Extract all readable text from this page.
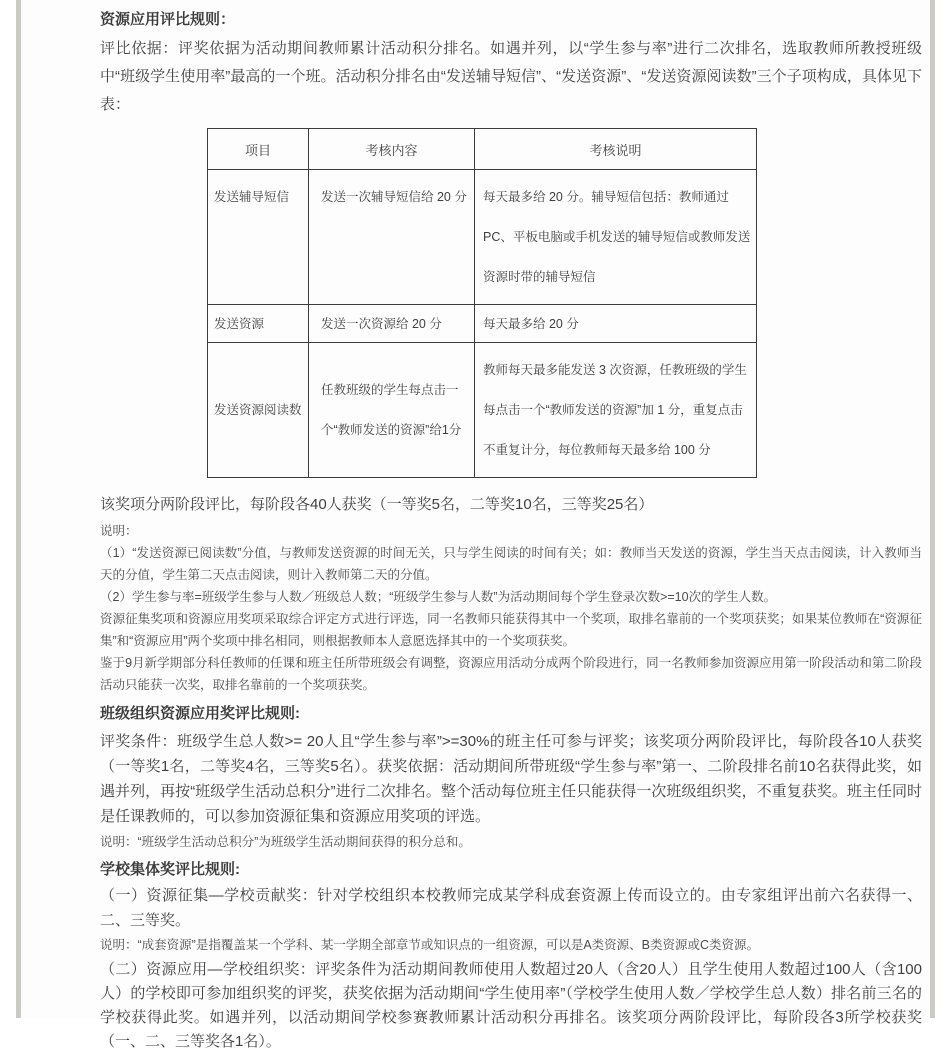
资源应用评比规则：

评比依据：评奖依据为活动期间教师累计活动积分排名。如遇并列，以“学生参与率”进行二次排名，选取教师所教授班级中“班级学生使用率”最高的一个班。活动积分排名由“发送辅导短信”、“发送资源”、“发送资源阅读数”三个子项构成，具体见下表：

项目	考核内容	考核说明
发送辅导短信	发送一次辅导短信给 20 分	每天最多给 20 分。辅导短信包括：教师通过 PC、平板电脑或手机发送的辅导短信或教师发送资源时带的辅导短信
发送资源	发送一次资源给 20 分	每天最多给 20 分
发送资源阅读数	任教班级的学生每点击一个“教师发送的资源”给1分	教师每天最多能发送 3 次资源，任教班级的学生每点击一个“教师发送的资源”加 1 分，重复点击不重复计分，每位教师每天最多给 100 分

该奖项分两阶段评比，每阶段各40人获奖（一等奖5名，二等奖10名，三等奖25名）

说明：

（1）“发送资源已阅读数”分值，与教师发送资源的时间无关，只与学生阅读的时间有关；如：教师当天发送的资源，学生当天点击阅读，计入教师当天的分值，学生第二天点击阅读，则计入教师第二天的分值。

（2）学生参与率=班级学生参与人数／班级总人数；“班级学生参与人数”为活动期间每个学生登录次数>=10次的学生人数。

资源征集奖项和资源应用奖项采取综合评定方式进行评选，同一名教师只能获得其中一个奖项，取排名靠前的一个奖项获奖；如果某位教师在“资源征集”和“资源应用”两个奖项中排名相同，则根据教师本人意愿选择其中的一个奖项获奖。

鉴于9月新学期部分科任教师的任课和班主任所带班级会有调整，资源应用活动分成两个阶段进行，同一名教师参加资源应用第一阶段活动和第二阶段活动只能获一次奖，取排名靠前的一个奖项获奖。

班级组织资源应用奖评比规则:

评奖条件：班级学生总人数>= 20人且“学生参与率”>=30%的班主任可参与评奖；该奖项分两阶段评比，每阶段各10人获奖（一等奖1名，二等奖4名，三等奖5名）。获奖依据：活动期间所带班级“学生参与率”第一、二阶段排名前10名获得此奖，如遇并列，再按“班级学生活动总积分”进行二次排名。整个活动每位班主任只能获得一次班级组织奖，不重复获奖。班主任同时是任课教师的，可以参加资源征集和资源应用奖项的评选。

说明：“班级学生活动总积分”为班级学生活动期间获得的积分总和。

学校集体奖评比规则:

（一）资源征集—学校贡献奖：针对学校组织本校教师完成某学科成套资源上传而设立的。由专家组评出前六名获得一、二、三等奖。

说明：“成套资源”是指覆盖某一个学科、某一学期全部章节或知识点的一组资源，可以是A类资源、B类资源或C类资源。

（二）资源应用—学校组织奖：评奖条件为活动期间教师使用人数超过20人（含20人）且学生使用人数超过100人（含100人）的学校即可参加组织奖的评奖，获奖依据为活动期间“学生使用率”（学校学生使用人数／学校学生总人数）排名前三名的学校获得此奖。如遇并列，以活动期间学校参赛教师累计活动积分再排名。该奖项分两阶段评比，每阶段各3所学校获奖（一、二、三等奖各1名）。
